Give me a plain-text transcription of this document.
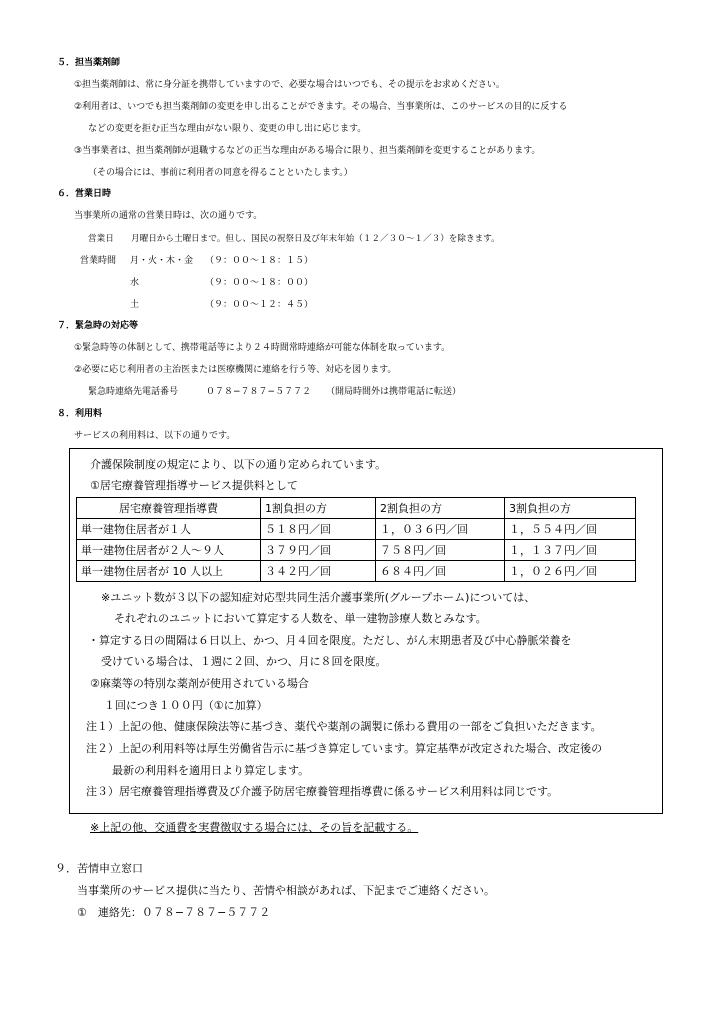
５．担当薬剤師
①担当薬剤師は、常に身分証を携帯していますので、必要な場合はいつでも、その提示をお求めください。
②利用者は、いつでも担当薬剤師の変更を申し出ることができます。その場合、当事業所は、このサービスの目的に反する
などの変更を拒む正当な理由がない限り、変更の申し出に応じます。
③当事業者は、担当薬剤師が退職するなどの正当な理由がある場合に限り、担当薬剤師を変更することがあります。
（その場合には、事前に利用者の同意を得ることといたします。）
６．営業日時
当事業所の通常の営業日時は、次の通りです。
営業日 月曜日から土曜日まで。但し、国民の祝祭日及び年末年始（１２／３０〜１／３）を除きます。
営業時間 月・火・木・金 （９：００〜１８：１５）
水	（９：００〜１８：００）
土	（９：００〜１２：４５）
７．緊急時の対応等
①緊急時等の体制として、携帯電話等により２４時間常時連絡が可能な体制を取っています。
②必要に応じ利用者の主治医または医療機関に連絡を行う等、対応を図ります。
緊急時連絡先電話番号	０７８−７８７−５７７２ （開局時間外は携帯電話に転送）
８．利用料
サービスの利用料は、以下の通りです。
介護保険制度の規定により、以下の通り定められています。
①居宅療養管理指導サービス提供料として
居宅療養管理指導費	1割負担の方	2割負担の方	3割負担の方
単一建物住居者が１人	５１８円／回	１，０３６円／回	１，５５４円／回
単一建物住居者が２人〜９人	３７９円／回	７５８円／回	１，１３７円／回
単一建物住居者が 10 人以上	３４２円／回	６８４円／回	１，０２６円／回
※ユニット数が３以下の認知症対応型共同生活介護事業所(グループホーム)については、
それぞれのユニットにおいて算定する人数を、単一建物診療人数とみなす。
・算定する日の間隔は６日以上、かつ、月４回を限度。ただし、がん末期患者及び中心静脈栄養を
受けている場合は、１週に２回、かつ、月に８回を限度。
②麻薬等の特別な薬剤が使用されている場合
１回につき１００円（①に加算）
注１）上記の他、健康保険法等に基づき、薬代や薬剤の調製に係わる費用の一部をご負担いただきます。
注２）上記の利用料等は厚生労働省告示に基づき算定しています。算定基準が改定された場合、改定後の
最新の利用料を適用日より算定します。
注３）居宅療養管理指導費及び介護予防居宅療養管理指導費に係るサービス利用料は同じです。
※上記の他、交通費を実費徴収する場合には、その旨を記載する。
９．苦情申立窓口
当事業所のサービス提供に当たり、苦情や相談があれば、下記までご連絡ください。
①　連絡先：０７８−７８７−５７７２
